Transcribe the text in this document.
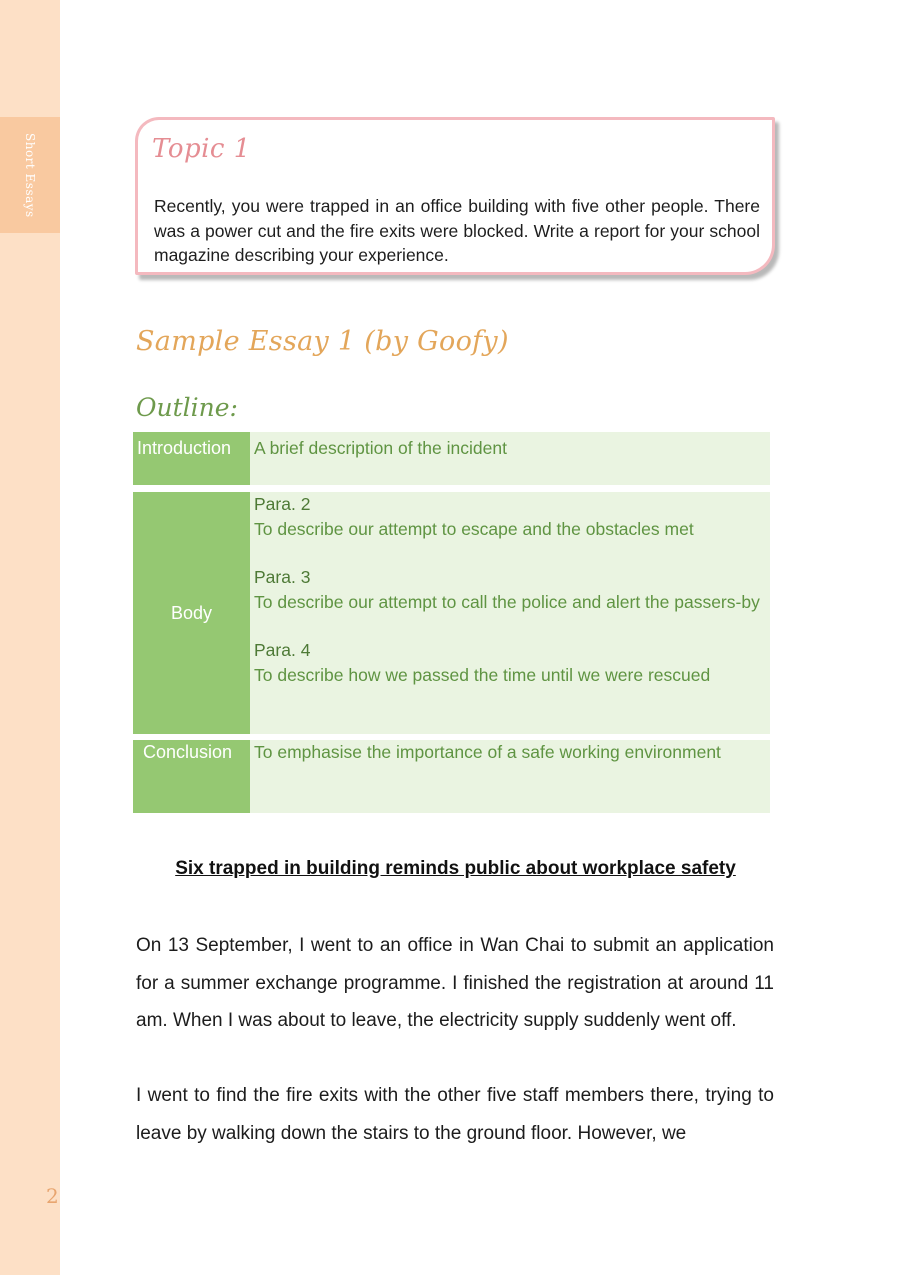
Short Essays
2
Topic 1
Recently, you were trapped in an office building with five other people. There was a power cut and the fire exits were blocked. Write a report for your school magazine describing your experience.
Sample Essay 1 (by Goofy)
Outline:
Introduction	A brief description of the incident
Body
Para. 2
To describe our attempt to escape and the obstacles met
Para. 3
To describe our attempt to call the police and alert the passers-by
Para. 4
To describe how we passed the time until we were rescued
Conclusion	To emphasise the importance of a safe working environment
Six trapped in building reminds public about workplace safety

On 13 September, I went to an office in Wan Chai to submit an application for a summer exchange programme. I finished the registration at around 11 am. When I was about to leave, the electricity supply suddenly went off.

I went to find the fire exits with the other five staff members there, trying to leave by walking down the stairs to the ground floor. However, we
